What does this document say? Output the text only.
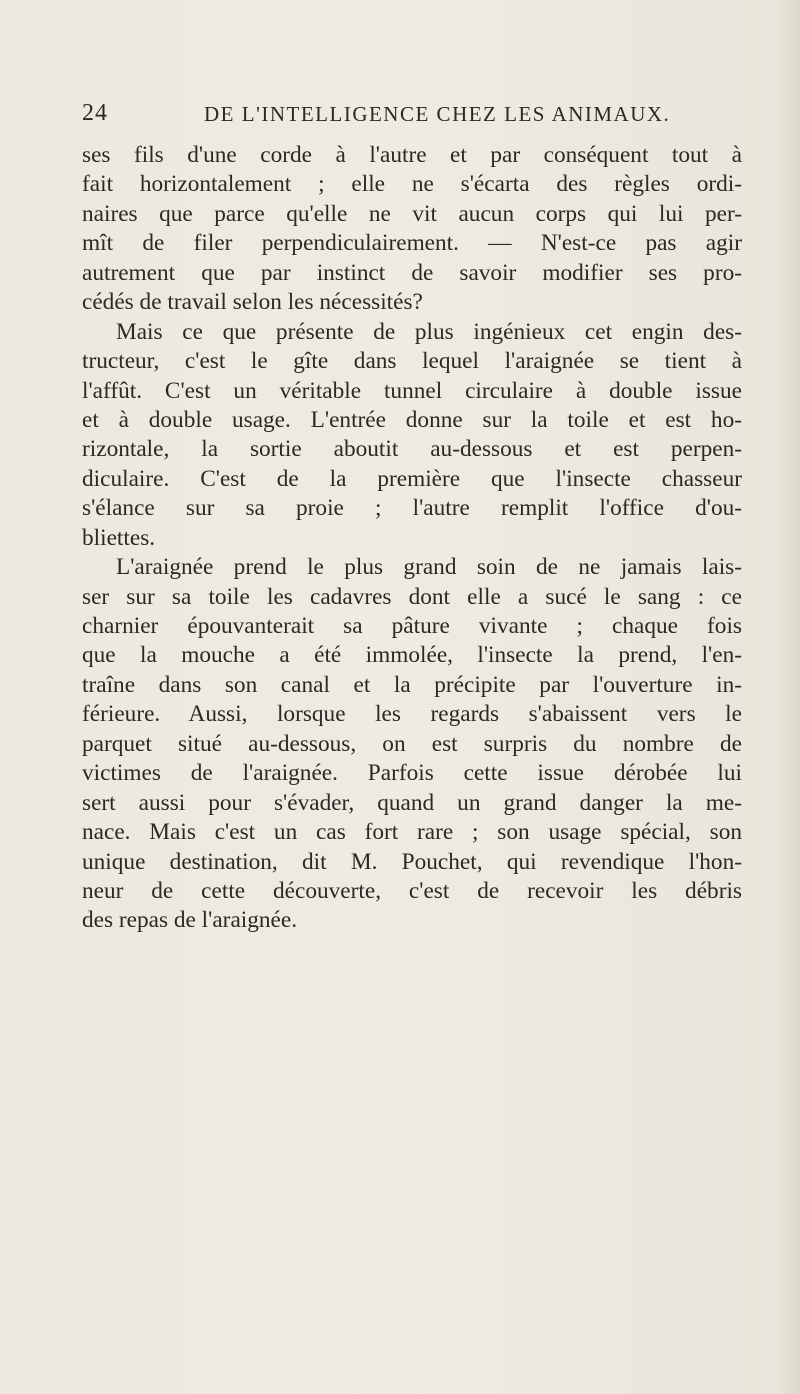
24	DE L'INTELLIGENCE CHEZ LES ANIMAUX.
ses fils d'une corde à l'autre et par conséquent tout à
fait horizontalement ; elle ne s'écarta des règles ordi-
naires que parce qu'elle ne vit aucun corps qui lui per-
mît de filer perpendiculairement. — N'est-ce pas agir
autrement que par instinct de savoir modifier ses pro-
cédés de travail selon les nécessités?
Mais ce que présente de plus ingénieux cet engin des-
tructeur, c'est le gîte dans lequel l'araignée se tient à
l'affût. C'est un véritable tunnel circulaire à double issue
et à double usage. L'entrée donne sur la toile et est ho-
rizontale, la sortie aboutit au-dessous et est perpen-
diculaire. C'est de la première que l'insecte chasseur
s'élance sur sa proie ; l'autre remplit l'office d'ou-
bliettes.
L'araignée prend le plus grand soin de ne jamais lais-
ser sur sa toile les cadavres dont elle a sucé le sang : ce
charnier épouvanterait sa pâture vivante ; chaque fois
que la mouche a été immolée, l'insecte la prend, l'en-
traîne dans son canal et la précipite par l'ouverture in-
férieure. Aussi, lorsque les regards s'abaissent vers le
parquet situé au-dessous, on est surpris du nombre de
victimes de l'araignée. Parfois cette issue dérobée lui
sert aussi pour s'évader, quand un grand danger la me-
nace. Mais c'est un cas fort rare ; son usage spécial, son
unique destination, dit M. Pouchet, qui revendique l'hon-
neur de cette découverte, c'est de recevoir les débris
des repas de l'araignée.
